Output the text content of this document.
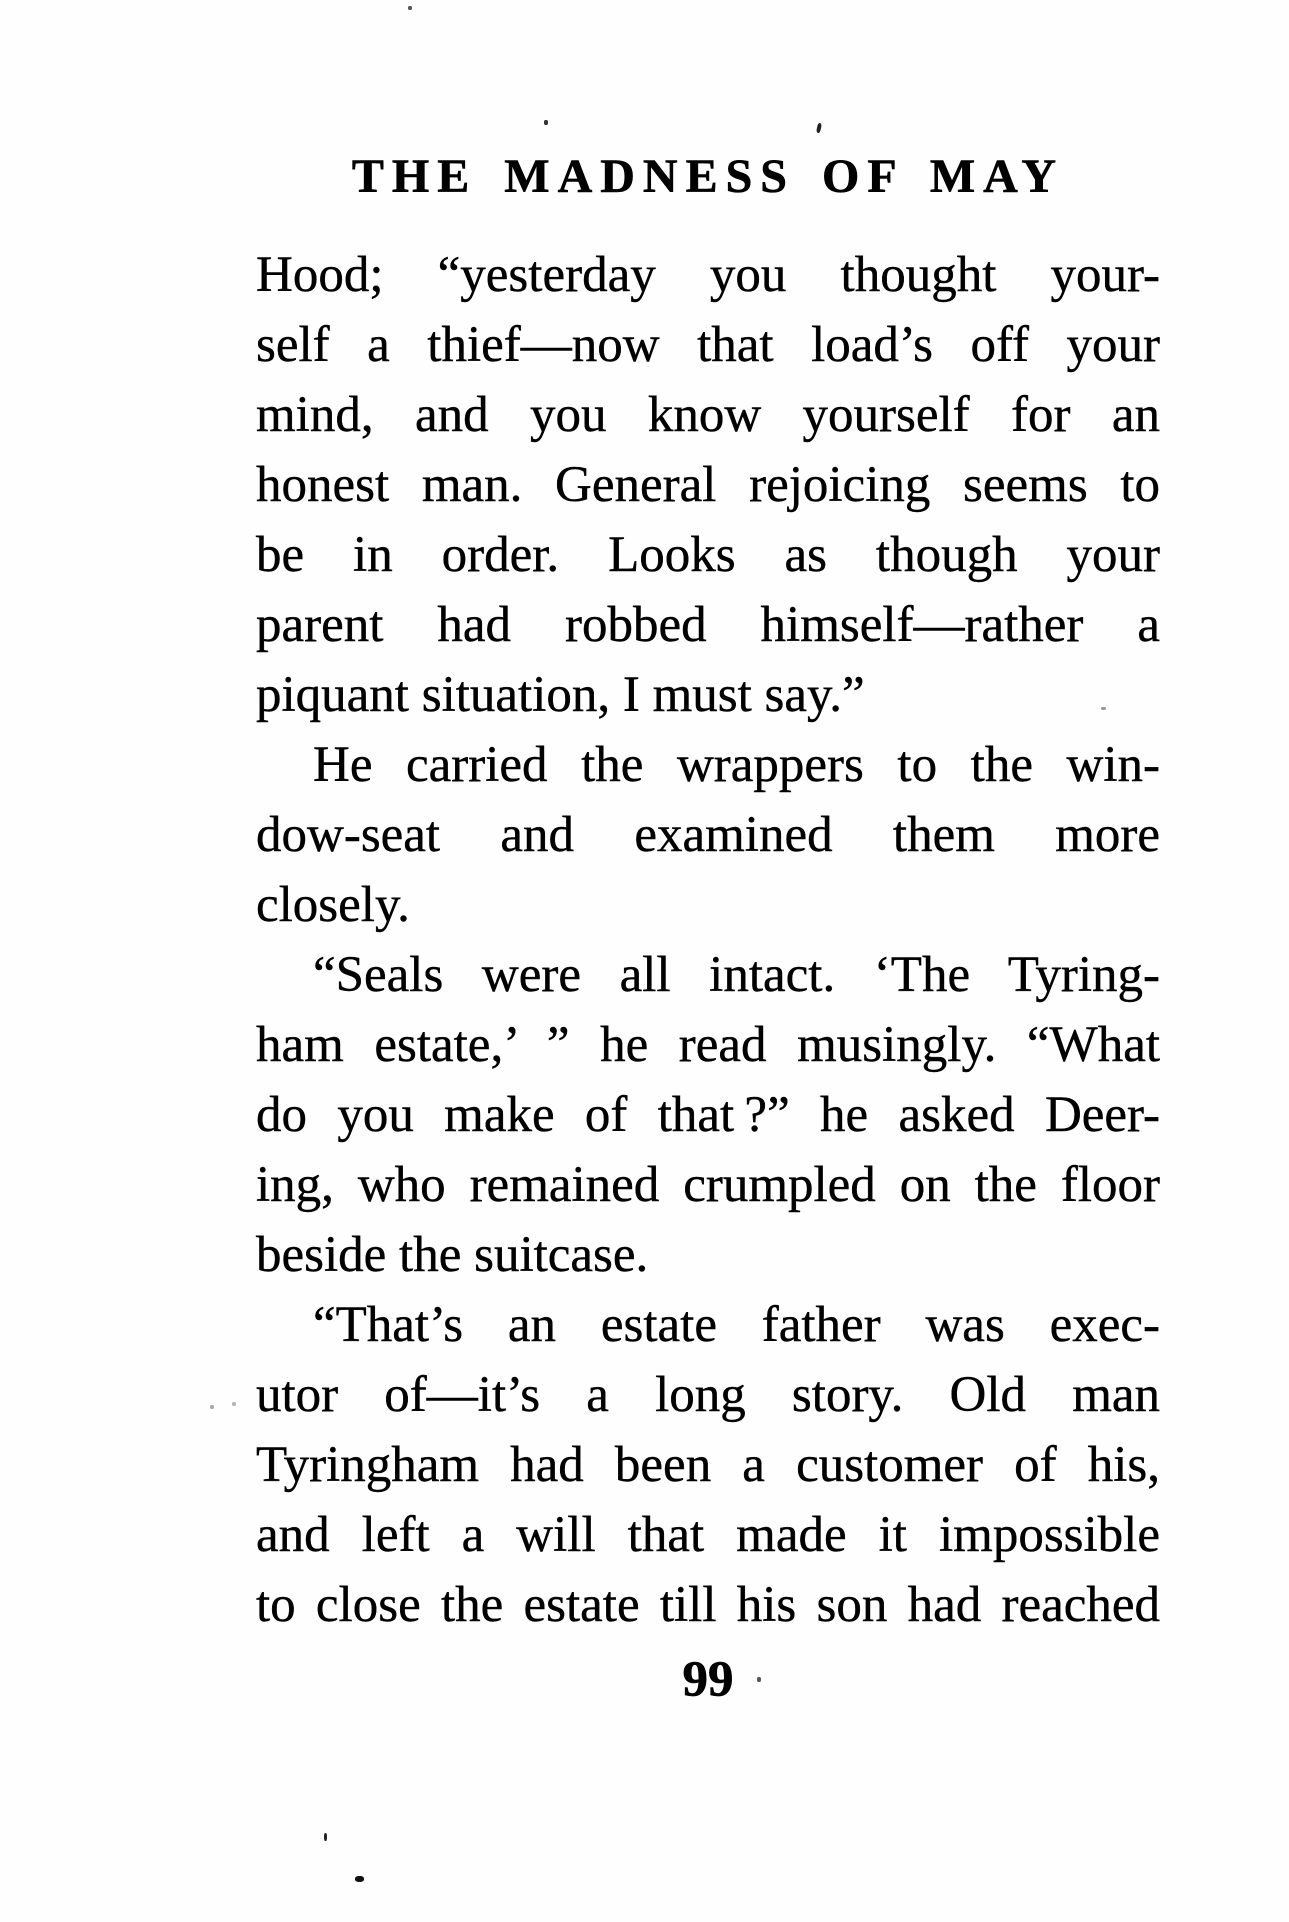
THE MADNESS OF MAY
Hood; “yesterday you thought your-
self a thief—now that load’s off your
mind, and you know yourself for an
honest man. General rejoicing seems to
be in order. Looks as though your
parent had robbed himself—rather a
piquant situation, I must say.”
He carried the wrappers to the win-
dow-seat and examined them more
closely.
“Seals were all intact. ‘The Tyring-
ham estate,’ ” he read musingly. “What
do you make of that ?” he asked Deer-
ing, who remained crumpled on the floor
beside the suitcase.
“That’s an estate father was exec-
utor of—it’s a long story. Old man
Tyringham had been a customer of his,
and left a will that made it impossible
to close the estate till his son had reached
99
